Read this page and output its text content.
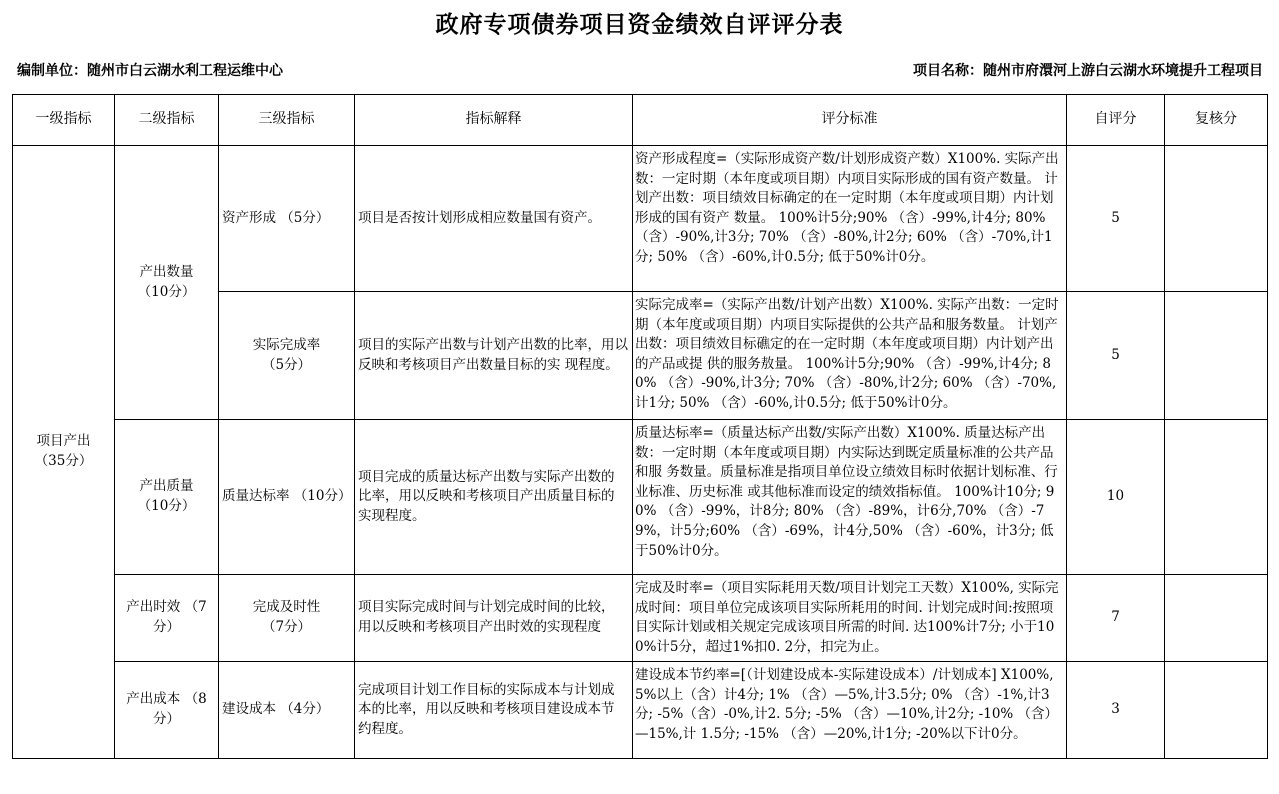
政府专项债券项目资金绩效自评评分表
编制单位：随州市白云湖水利工程运维中心	项目名称：随州市府澴河上游白云湖水环境提升工程项目
一级指标	二级指标	三级指标	指标解释	评分标准	自评分	复核分
项目产出（35分）	产出数量（10分）	资产形成 （5分）	项目是否按计划形成相应数量国有资产。	资产形成程度=（实际形成资产数/计划形成资产数）X100%. 实际产出数：一定时期（本年度或项目期）内项目实际形成的国有资产数量。 计划产出数：项目绩效目标确定的在一定时期（本年度或项目期）内计划形成的国有资产 数量。 100%计5分;90% （含）-99%,计4分; 80% （含）-90%,计3分; 70% （含）-80%,计2分; 60% （含）-70%,计1分; 50% （含）-60%,计0.5分; 低于50%计0分。	5	
		实际完成率（5分）	项目的实际产出数与计划产出数的比率，用以反映和考核项目产出数量目标的实 现程度。	实际完成率=（实际产出数/计划产出数）X100%. 实际产出数：一定时期（本年度或项目期）内项目实际提供的公共产品和服务数量。 计划产出数：项目绩效目标礁定的在一定时期（本年度或项目期）内计划产出的产品或提 供的服务敖量。 100%计5分;90% （含）-99%,计4分; 80% （含）-90%,计3分; 70% （含）-80%,计2分; 60% （含）-70%,计1分; 50% （含）-60%,计0.5分; 低于50%计0分。	5	
	产出质量（10分）	质量达标率 （10分）	项目完成的质量达标产出数与实际产出数的 比率，用以反映和考核项目产出质量目标的 实现程度。	质量达标率=（质量达标产出数/实际产出数）X100%. 质量达标产出数：一定时期（本年度或项目期）内实际达到既定质量标准的公共产品和服 务数量。质量标准是指项目单位设立绩效目标时依据计划标准、行业标准、历史标准 或其他标准而设定的绩效指标值。 100%计10分; 90% （含）-99%，计8分; 80% （含）-89%，计6分,70% （含）-79%，计5分;60% （含）-69%，计4分,50% （含）-60%，计3分; 低于50%计0分。	10	
	产出时效 （7分）	完成及时性（7分）	项目实际完成时间与计划完成时间的比较， 用以反映和考核项目产出时效的实现程度	完成及时率=（项目实际耗用天数/项目计划完工天数）X100%, 实际完成时间：项目单位完成该项目实际所耗用的时间. 计划完成时间:按照项目实际计划或相关规定完成该项目所需的时间. 达100%计7分; 小于100%计5分，超过1%扣0. 2分，扣完为止。	7	
	产出成本 （8分）	建设成本 （4分）	完成项目计划工作目标的实际成本与计划成 本的比率，用以反映和考核项目建设成本节 约程度。	建设成本节约率=[（计划建设成本-实际建设成本）/计划成本] X100%, 5%以上（含）计4分; 1% （含）—5%,计3.5分; 0% （含）-1%,计3分; -5%（含）-0%,计2. 5分; -5% （含）—10%,计2分; -10% （含）—15%,计 1.5分; -15% （含）—20%,计1分; -20%以下计0分。	3	
